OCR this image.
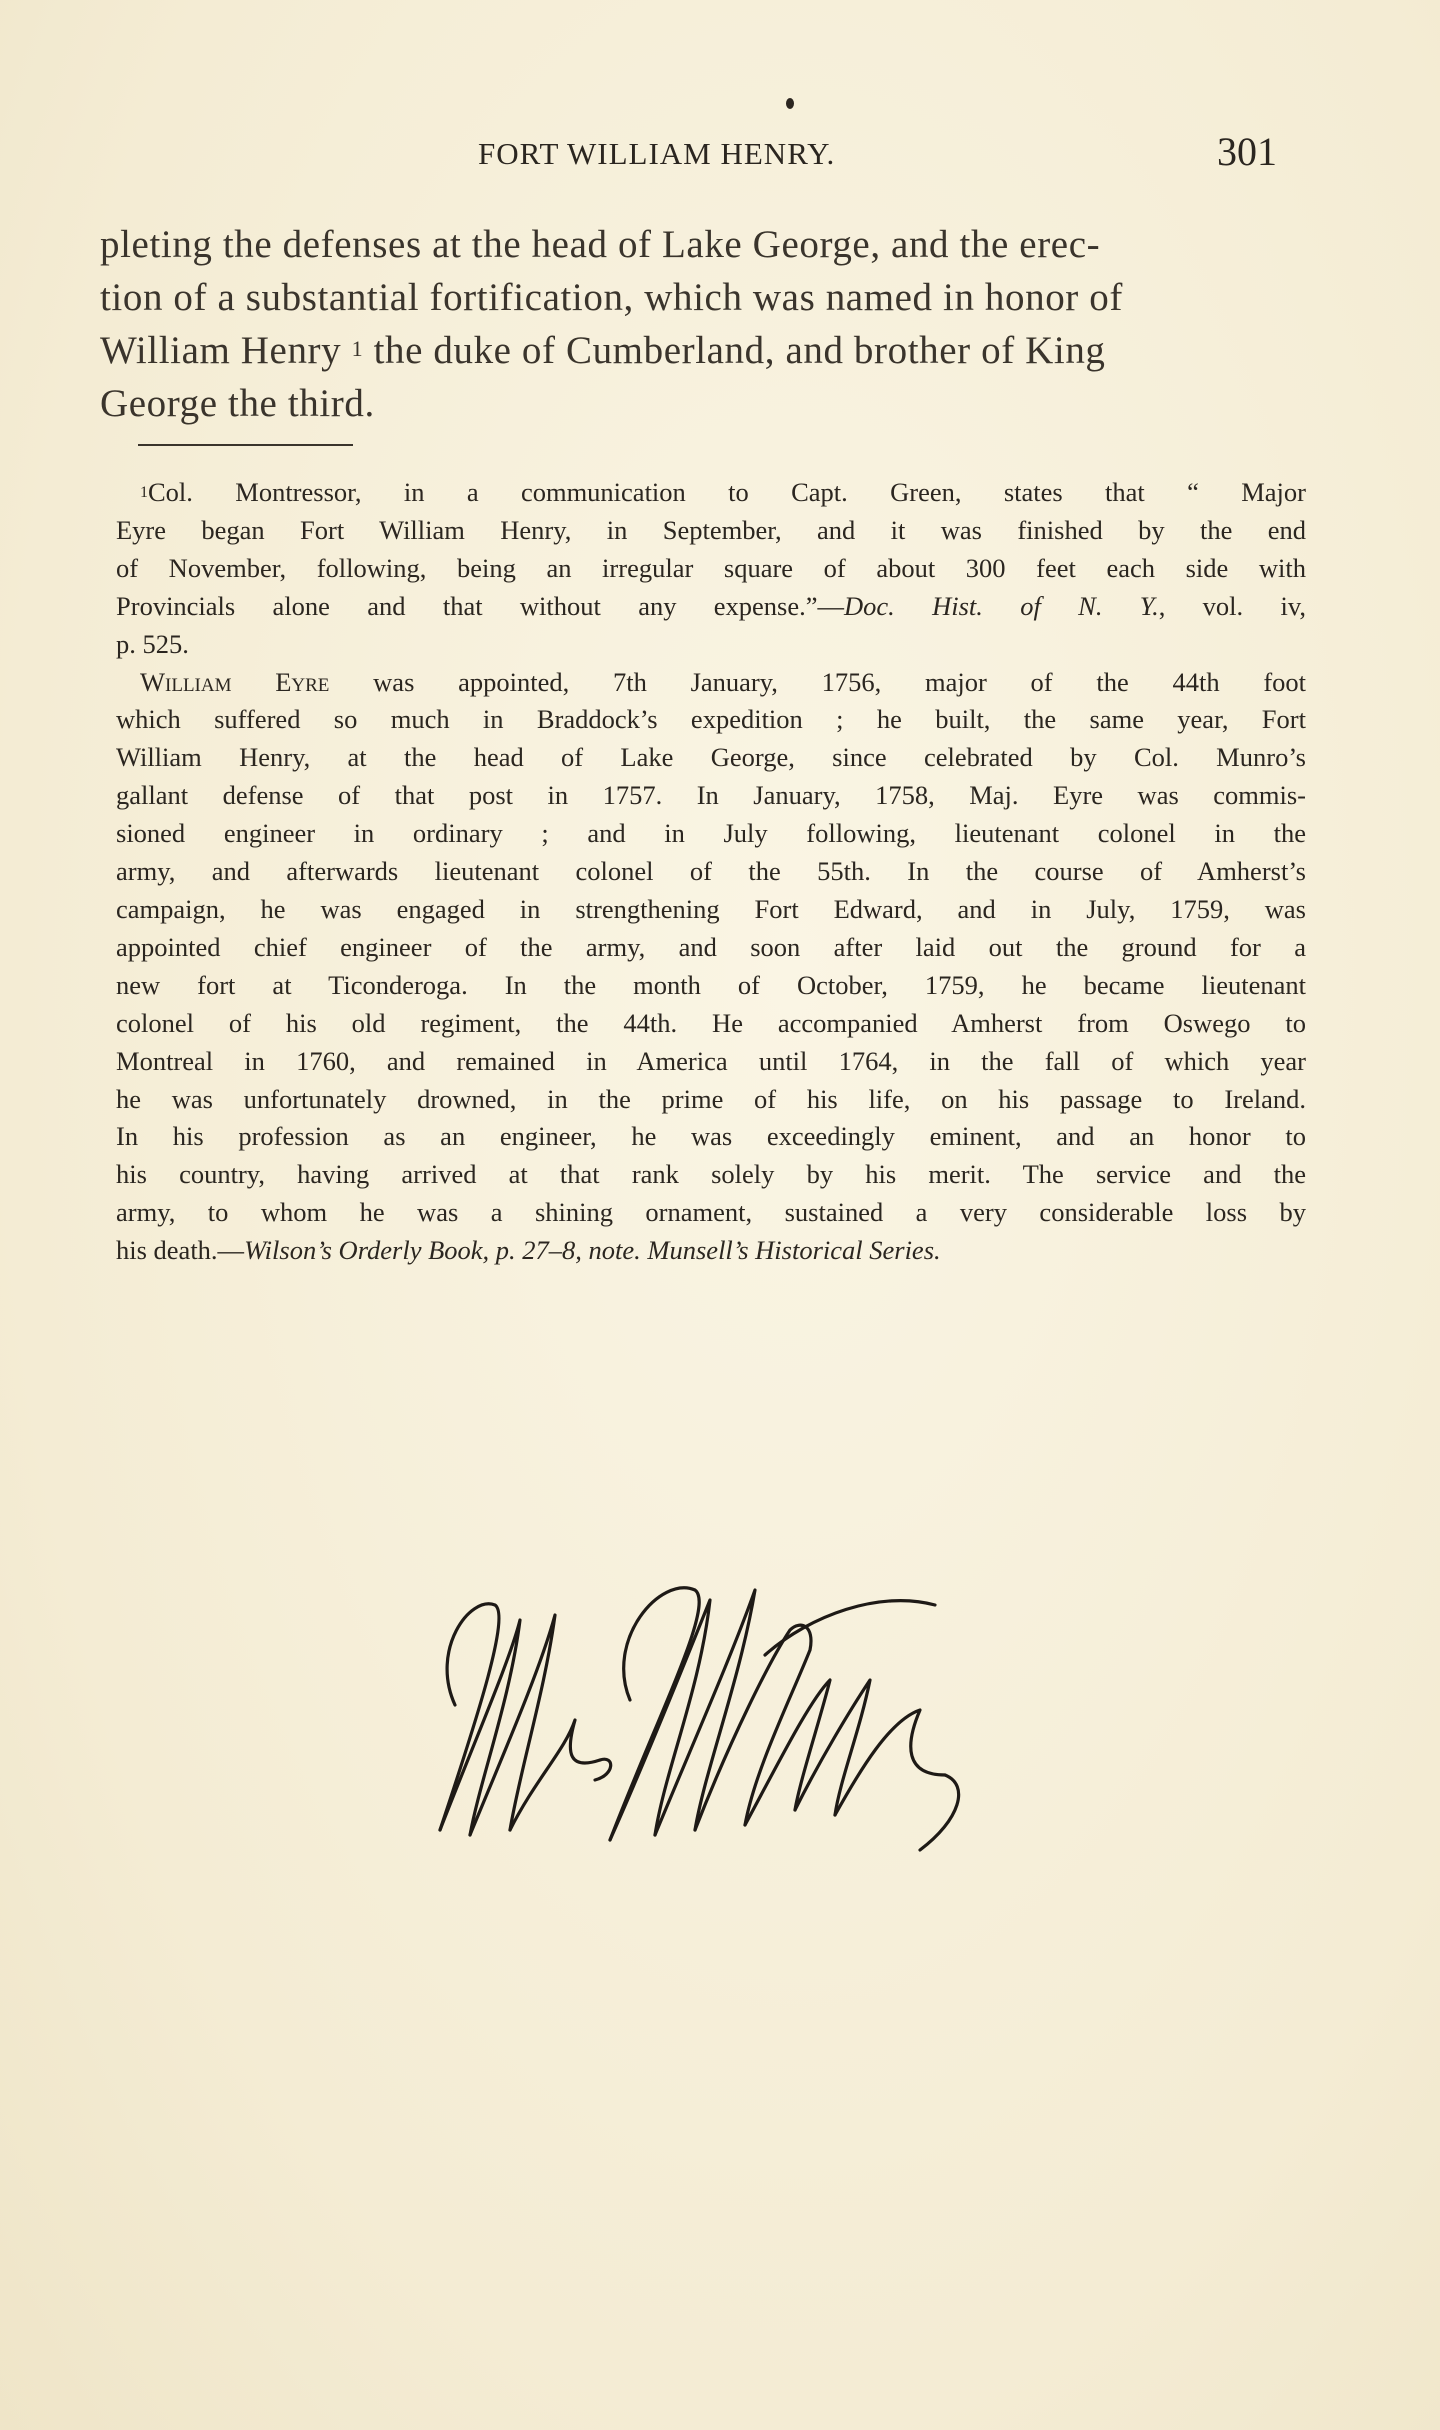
FORT WILLIAM HENRY.	301
pleting the defenses at the head of Lake George, and the erec-
tion of a substantial fortification, which was named in honor of
William Henry $^1$ the duke of Cumberland, and brother of King
George the third.
$^1$Col. Montressor, in a communication to Capt. Green, states that “ Major
Eyre began Fort William Henry, in September, and it was finished by the end
of November, following, being an irregular square of about 300 feet each side with
Provincials alone and that without any expense.”—Doc. Hist. of N. Y., vol. iv,
p. 525.
William Eyre was appointed, 7th January, 1756, major of the 44th foot
which suffered so much in Braddock’s expedition ; he built, the same year, Fort
William Henry, at the head of Lake George, since celebrated by Col. Munro’s
gallant defense of that post in 1757. In January, 1758, Maj. Eyre was commis-
sioned engineer in ordinary ; and in July following, lieutenant colonel in the
army, and afterwards lieutenant colonel of the 55th. In the course of Amherst’s
campaign, he was engaged in strengthening Fort Edward, and in July, 1759, was
appointed chief engineer of the army, and soon after laid out the ground for a
new fort at Ticonderoga. In the month of October, 1759, he became lieutenant
colonel of his old regiment, the 44th. He accompanied Amherst from Oswego to
Montreal in 1760, and remained in America until 1764, in the fall of which year
he was unfortunately drowned, in the prime of his life, on his passage to Ireland.
In his profession as an engineer, he was exceedingly eminent, and an honor to
his country, having arrived at that rank solely by his merit. The service and the
army, to whom he was a shining ornament, sustained a very considerable loss by
his death.—Wilson’s Orderly Book, p. 27–8, note. Munsell’s Historical Series.
